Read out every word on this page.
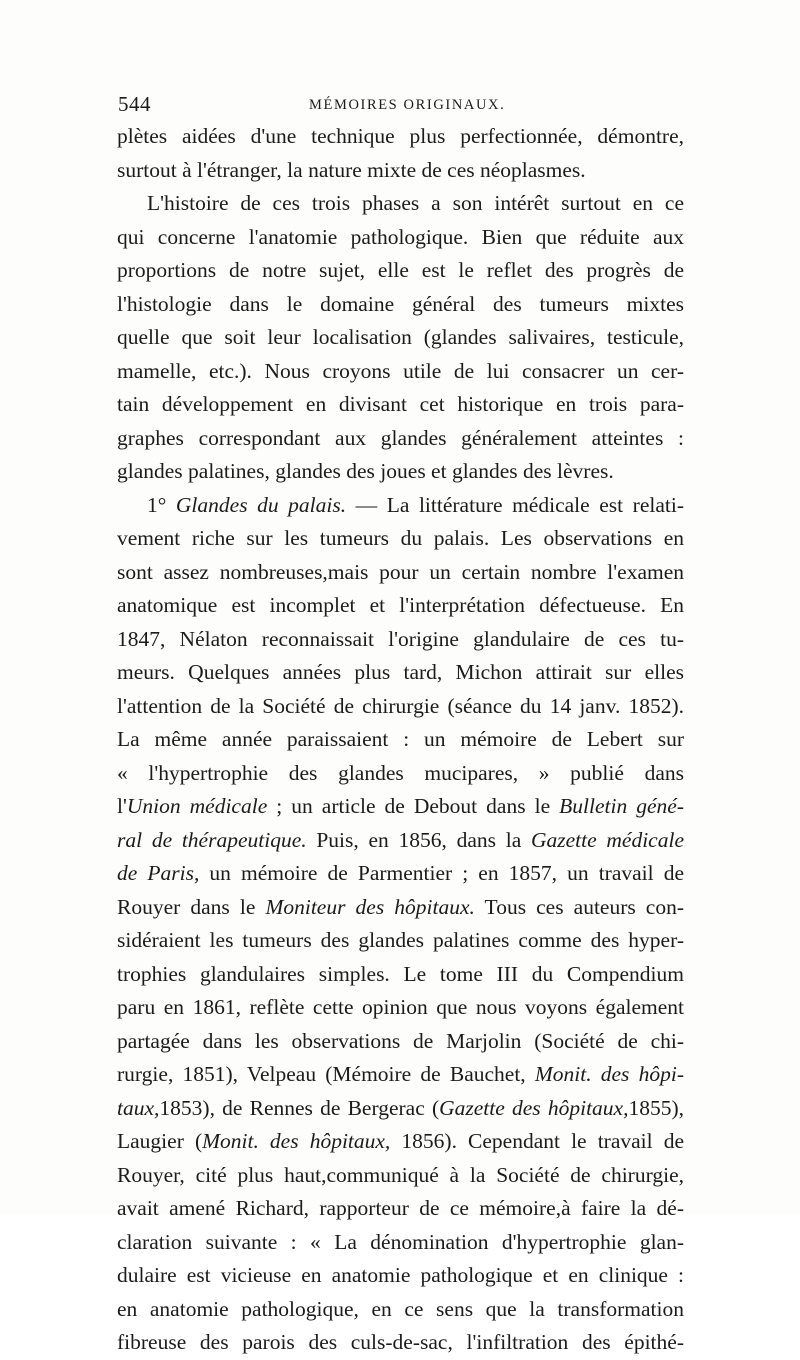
544	MÉMOIRES ORIGINAUX.
plètes aidées d'une technique plus perfectionnée, démontre,
surtout à l'étranger, la nature mixte de ces néoplasmes.
L'histoire de ces trois phases a son intérêt surtout en ce
qui concerne l'anatomie pathologique. Bien que réduite aux
proportions de notre sujet, elle est le reflet des progrès de
l'histologie dans le domaine général des tumeurs mixtes
quelle que soit leur localisation (glandes salivaires, testicule,
mamelle, etc.). Nous croyons utile de lui consacrer un cer-
tain développement en divisant cet historique en trois para-
graphes correspondant aux glandes généralement atteintes :
glandes palatines, glandes des joues et glandes des lèvres.
1° Glandes du palais. — La littérature médicale est relati-
vement riche sur les tumeurs du palais. Les observations en
sont assez nombreuses,mais pour un certain nombre l'examen
anatomique est incomplet et l'interprétation défectueuse. En
1847, Nélaton reconnaissait l'origine glandulaire de ces tu-
meurs. Quelques années plus tard, Michon attirait sur elles
l'attention de la Société de chirurgie (séance du 14 janv. 1852).
La même année paraissaient : un mémoire de Lebert sur
« l'hypertrophie des glandes mucipares, » publié dans
l'Union médicale ; un article de Debout dans le Bulletin géné-
ral de thérapeutique. Puis, en 1856, dans la Gazette médicale
de Paris, un mémoire de Parmentier ; en 1857, un travail de
Rouyer dans le Moniteur des hôpitaux. Tous ces auteurs con-
sidéraient les tumeurs des glandes palatines comme des hyper-
trophies glandulaires simples. Le tome III du Compendium
paru en 1861, reflète cette opinion que nous voyons également
partagée dans les observations de Marjolin (Société de chi-
rurgie, 1851), Velpeau (Mémoire de Bauchet, Monit. des hôpi-
taux,1853), de Rennes de Bergerac (Gazette des hôpitaux,1855),
Laugier (Monit. des hôpitaux, 1856). Cependant le travail de
Rouyer, cité plus haut,communiqué à la Société de chirurgie,
avait amené Richard, rapporteur de ce mémoire,à faire la dé-
claration suivante : « La dénomination d'hypertrophie glan-
dulaire est vicieuse en anatomie pathologique et en clinique :
en anatomie pathologique, en ce sens que la transformation
fibreuse des parois des culs-de-sac, l'infiltration des épithé-
